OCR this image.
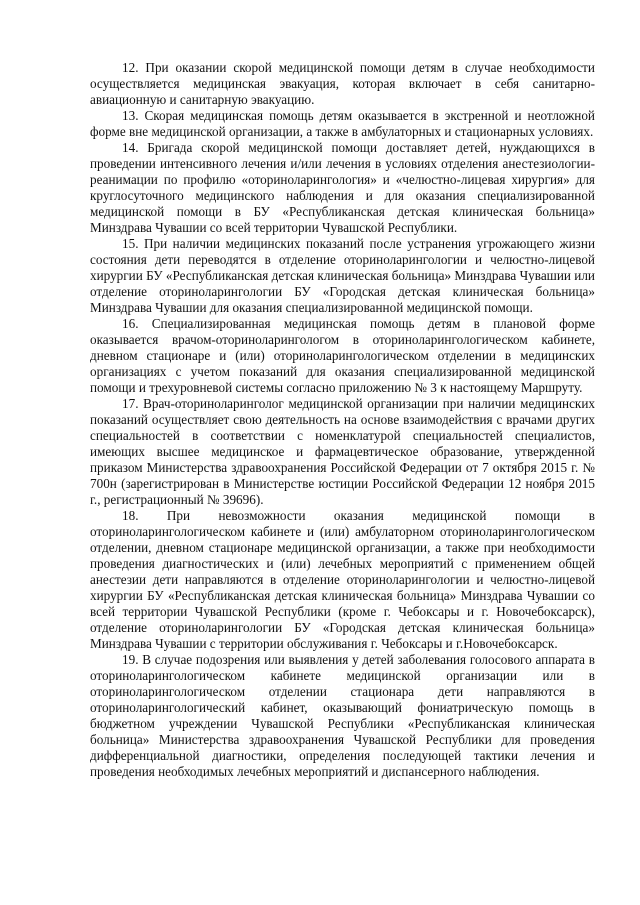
12. При оказании скорой медицинской помощи детям в случае необходимости осуществляется медицинская эвакуация, которая включает в себя санитарно-авиационную и санитарную эвакуацию.

13. Скорая медицинская помощь детям оказывается в экстренной и неотложной форме вне медицинской организации, а также в амбулаторных и стационарных условиях.

14. Бригада скорой медицинской помощи доставляет детей, нуждающихся в проведении интенсивного лечения и/или лечения в условиях отделения анестезиологии-реанимации по профилю «оториноларингология» и «челюстно-лицевая хирургия» для круглосуточного медицинского наблюдения и для оказания специализированной медицинской помощи в БУ «Республиканская детская клиническая больница» Минздрава Чувашии со всей территории Чувашской Республики.

15. При наличии медицинских показаний после устранения угрожающего жизни состояния дети переводятся в отделение оториноларингологии и челюстно-лицевой хирургии БУ «Республиканская детская клиническая больница» Минздрава Чувашии или отделение оториноларингологии БУ «Городская детская клиническая больница» Минздрава Чувашии для оказания специализированной медицинской помощи.

16. Специализированная медицинская помощь детям в плановой форме оказывается врачом-оториноларингологом в оториноларингологическом кабинете, дневном стационаре и (или) оториноларингологическом отделении в медицинских организациях с учетом показаний для оказания специализированной медицинской помощи и трехуровневой системы согласно приложению № 3 к настоящему Маршруту.

17. Врач-оториноларинголог медицинской организации при наличии медицинских показаний осуществляет свою деятельность на основе взаимодействия с врачами других специальностей в соответствии с номенклатурой специальностей специалистов, имеющих высшее медицинское и фармацевтическое образование, утвержденной приказом Министерства здравоохранения Российской Федерации от 7 октября 2015 г. № 700н (зарегистрирован в Министерстве юстиции Российской Федерации 12 ноября 2015 г., регистрационный № 39696).

18. При невозможности оказания медицинской помощи в оториноларингологическом кабинете и (или) амбулаторном оториноларингологическом отделении, дневном стационаре медицинской организации, а также при необходимости проведения диагностических и (или) лечебных мероприятий с применением общей анестезии дети направляются в отделение оториноларингологии и челюстно-лицевой хирургии БУ «Республиканская детская клиническая больница» Минздрава Чувашии со всей территории Чувашской Республики (кроме г. Чебоксары и г. Новочебоксарск), отделение оториноларингологии БУ «Городская детская клиническая больница» Минздрава Чувашии с территории обслуживания г. Чебоксары и г.Новочебоксарск.

19. В случае подозрения или выявления у детей заболевания голосового аппарата в оториноларингологическом кабинете медицинской организации или в оториноларингологическом отделении стационара дети направляются в оториноларингологический кабинет, оказывающий фониатрическую помощь в бюджетном учреждении Чувашской Республики «Республиканская клиническая больница» Министерства здравоохранения Чувашской Республики для проведения дифференциальной диагностики, определения последующей тактики лечения и проведения необходимых лечебных мероприятий и диспансерного наблюдения.
